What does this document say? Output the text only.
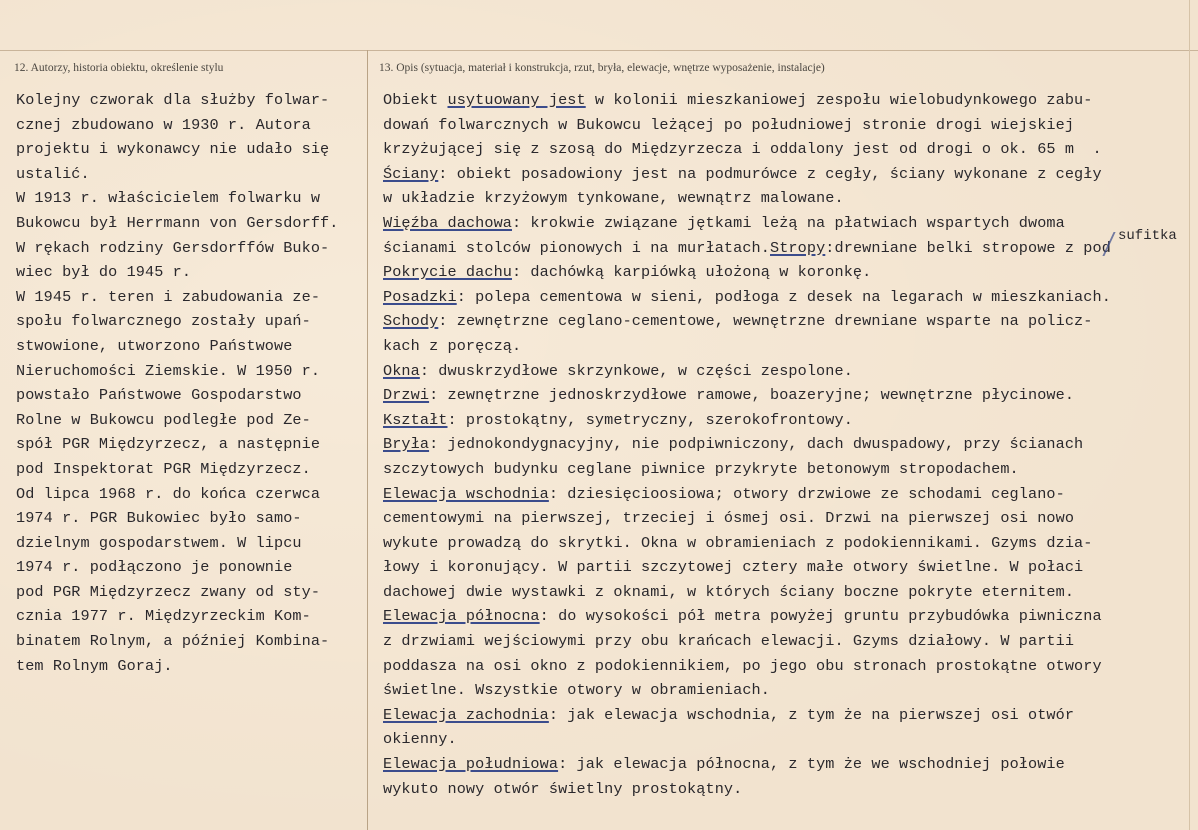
12. Autorzy, historia obiektu, określenie stylu	13. Opis (sytuacja, materiał i konstrukcja, rzut, bryła, elewacje, wnętrze wyposażenie, instalacje)
Kolejny czworak dla służby folwar-
cznej zbudowano w 1930 r. Autora
projektu i wykonawcy nie udało się
ustalić.
W 1913 r. właścicielem folwarku w
Bukowcu był Herrmann von Gersdorff.
W rękach rodziny Gersdorffów Buko-
wiec był do 1945 r.
W 1945 r. teren i zabudowania ze-
społu folwarcznego zostały upań-
stwowione, utworzono Państwowe
Nieruchomości Ziemskie. W 1950 r.
powstało Państwowe Gospodarstwo
Rolne w Bukowcu podległe pod Ze-
spół PGR Międzyrzecz, a następnie
pod Inspektorat PGR Międzyrzecz.
Od lipca 1968 r. do końca czerwca
1974 r. PGR Bukowiec było samo-
dzielnym gospodarstwem. W lipcu
1974 r. podłączono je ponownie
pod PGR Międzyrzecz zwany od sty-
cznia 1977 r. Międzyrzeckim Kom-
binatem Rolnym, a później Kombina-
tem Rolnym Goraj.
Obiekt usytuowany jest w kolonii mieszkaniowej zespołu wielobudynkowego zabu-
dowań folwarcznych w Bukowcu leżącej po południowej stronie drogi wiejskiej
krzyżującej się z szosą do Międzyrzecza i oddalony jest od drogi o ok. 65 m  .
Ściany: obiekt posadowiony jest na podmurówce z cegły, ściany wykonane z cegły
w układzie krzyżowym tynkowane, wewnątrz malowane.
Więźba dachowa: krokwie związane jętkami leżą na płatwiach wspartych dwoma
ścianami stolców pionowych i na murłatach.Stropy:drewniane belki stropowe z pod
Pokrycie dachu: dachówką karpiówką ułożoną w koronkę.
Posadzki: polepa cementowa w sieni, podłoga z desek na legarach w mieszkaniach.
Schody: zewnętrzne ceglano-cementowe, wewnętrzne drewniane wsparte na policz-
kach z poręczą.
Okna: dwuskrzydłowe skrzynkowe, w części zespolone.
Drzwi: zewnętrzne jednoskrzydłowe ramowe, boazeryjne; wewnętrzne płycinowe.
Kształt: prostokątny, symetryczny, szerokofrontowy.
Bryła: jednokondygnacyjny, nie podpiwniczony, dach dwuspadowy, przy ścianach
szczytowych budynku ceglane piwnice przykryte betonowym stropodachem.
Elewacja wschodnia: dziesięcioosiowa; otwory drzwiowe ze schodami ceglano-
cementowymi na pierwszej, trzeciej i ósmej osi. Drzwi na pierwszej osi nowo
wykute prowadzą do skrytki. Okna w obramieniach z podokiennikami. Gzyms dzia-
łowy i koronujący. W partii szczytowej cztery małe otwory świetlne. W połaci
dachowej dwie wystawki z oknami, w których ściany boczne pokryte eternitem.
Elewacja północna: do wysokości pół metra powyżej gruntu przybudówka piwniczna
z drzwiami wejściowymi przy obu krańcach elewacji. Gzyms działowy. W partii
poddasza na osi okno z podokiennikiem, po jego obu stronach prostokątne otwory
świetlne. Wszystkie otwory w obramieniach.
Elewacja zachodnia: jak elewacja wschodnia, z tym że na pierwszej osi otwór
okienny.
Elewacja południowa: jak elewacja północna, z tym że we wschodniej połowie
wykuto nowy otwór świetlny prostokątny.
sufitka
